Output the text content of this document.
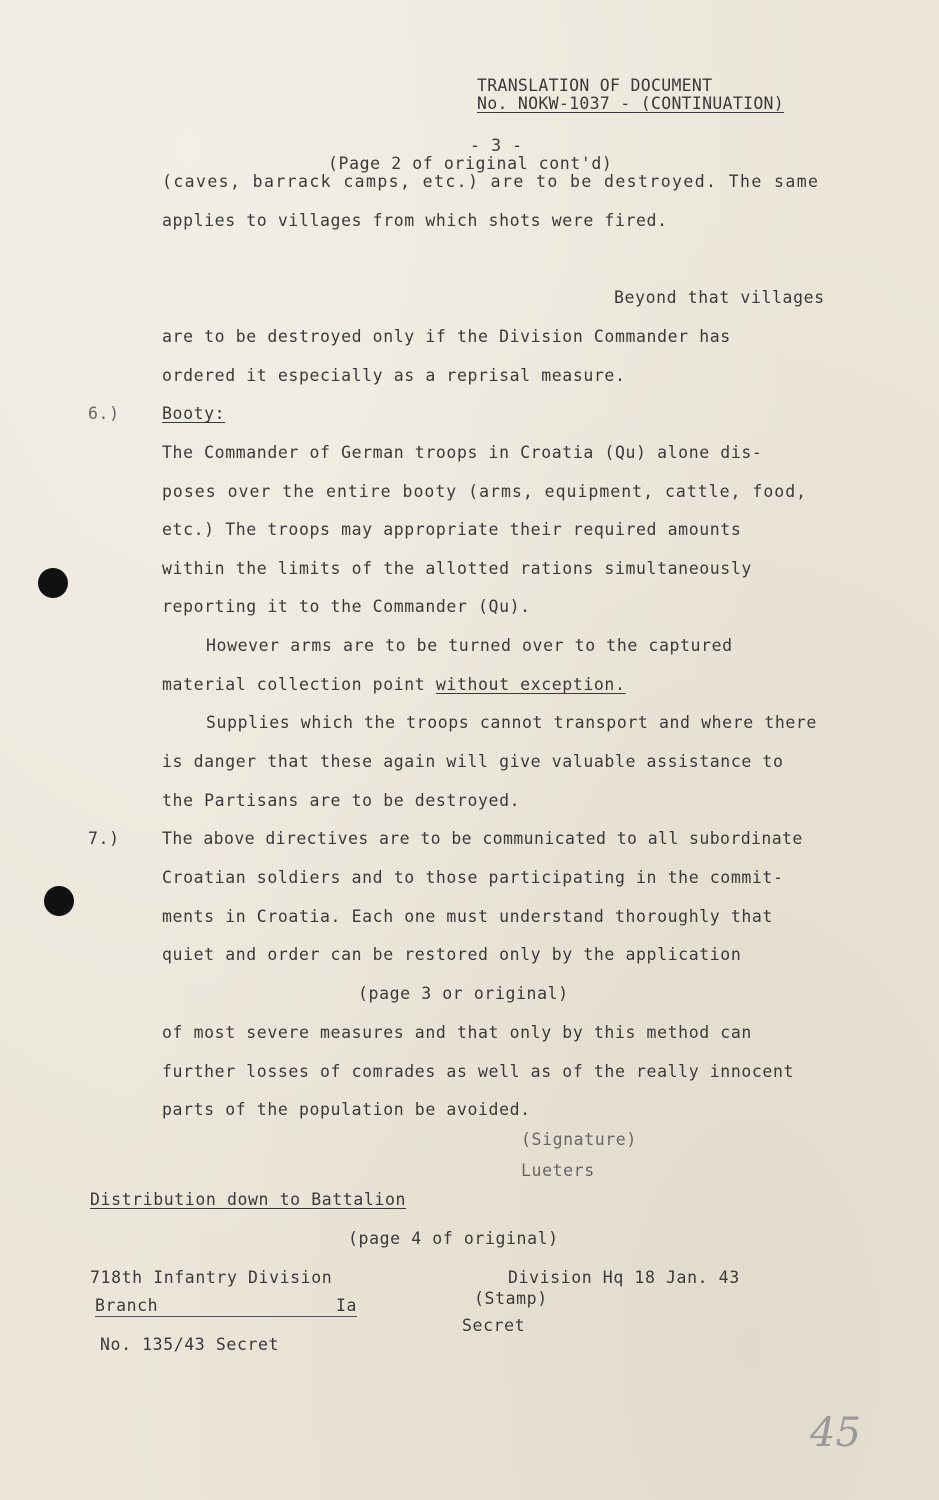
TRANSLATION OF DOCUMENT
No. NOKW-1037 - (CONTINUATION)
- 3 -
(Page 2 of original cont'd)
(caves, barrack camps, etc.) are to be destroyed. The same
applies to villages from which shots were fired.
Beyond that villages
are to be destroyed only if the Division Commander has
ordered it especially as a reprisal measure.
6.)	Booty:
The Commander of German troops in Croatia (Qu) alone dis-
poses over the entire booty (arms, equipment, cattle, food,
etc.) The troops may appropriate their required amounts
within the limits of the allotted rations simultaneously
reporting it to the Commander (Qu).
However arms are to be turned over to the captured
material collection point without exception.
Supplies which the troops cannot transport and where there
is danger that these again will give valuable assistance to
the Partisans are to be destroyed.
7.)	The above directives are to be communicated to all subordinate
Croatian soldiers and to those participating in the commit-
ments in Croatia. Each one must understand thoroughly that
quiet and order can be restored only by the application
(page 3 or original)
of most severe measures and that only by this method can
further losses of comrades as well as of the really innocent
parts of the population be avoided.
(Signature)
Lueters
Distribution down to Battalion
(page 4 of original)
718th Infantry Division	Division Hq 18 Jan. 43
Branch	Ia	(Stamp)
Secret
No. 135/43 Secret
45
